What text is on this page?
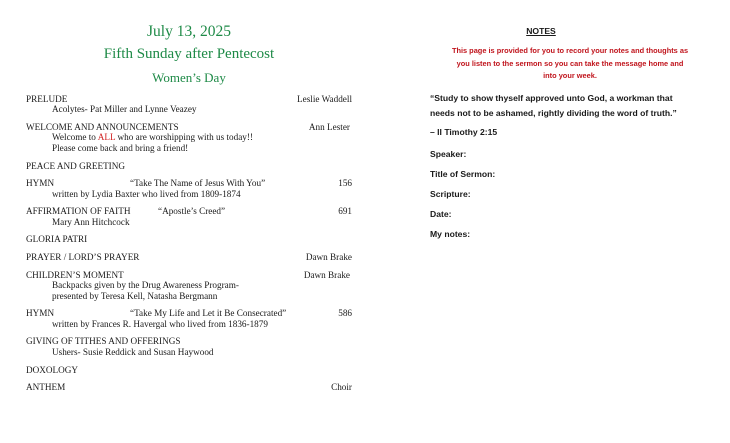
July 13, 2025
Fifth Sunday after Pentecost
Women’s Day
PRELUDE	Leslie Waddell
Acolytes- Pat Miller and Lynne Veazey
WELCOME AND ANNOUNCEMENTS	Ann Lester
Welcome to ALL who are worshipping with us today!!
Please come back and bring a friend!
PEACE AND GREETING
HYMN	“Take The Name of Jesus With You”	156
written by Lydia Baxter who lived from 1809-1874
AFFIRMATION OF FAITH	“Apostle’s Creed”	691
Mary Ann Hitchcock
GLORIA PATRI
PRAYER / LORD’S PRAYER	Dawn Brake
CHILDREN’S MOMENT	Dawn Brake
Backpacks given by the Drug Awareness Program-
presented by Teresa Kell, Natasha Bergmann
HYMN	“Take My Life and Let it Be Consecrated”	586
written by Frances R. Havergal who lived from 1836-1879
GIVING OF TITHES AND OFFERINGS
Ushers- Susie Reddick and Susan Haywood
DOXOLOGY
ANTHEM	Choir
NOTES
This page is provided for you to record your notes and thoughts as
you listen to the sermon so you can take the message home and
into your week.
“Study to show thyself approved unto God, a workman that
needs not to be ashamed, rightly dividing the word of truth.”
– II Timothy 2:15
Speaker:
Title of Sermon:
Scripture:
Date:
My notes:
